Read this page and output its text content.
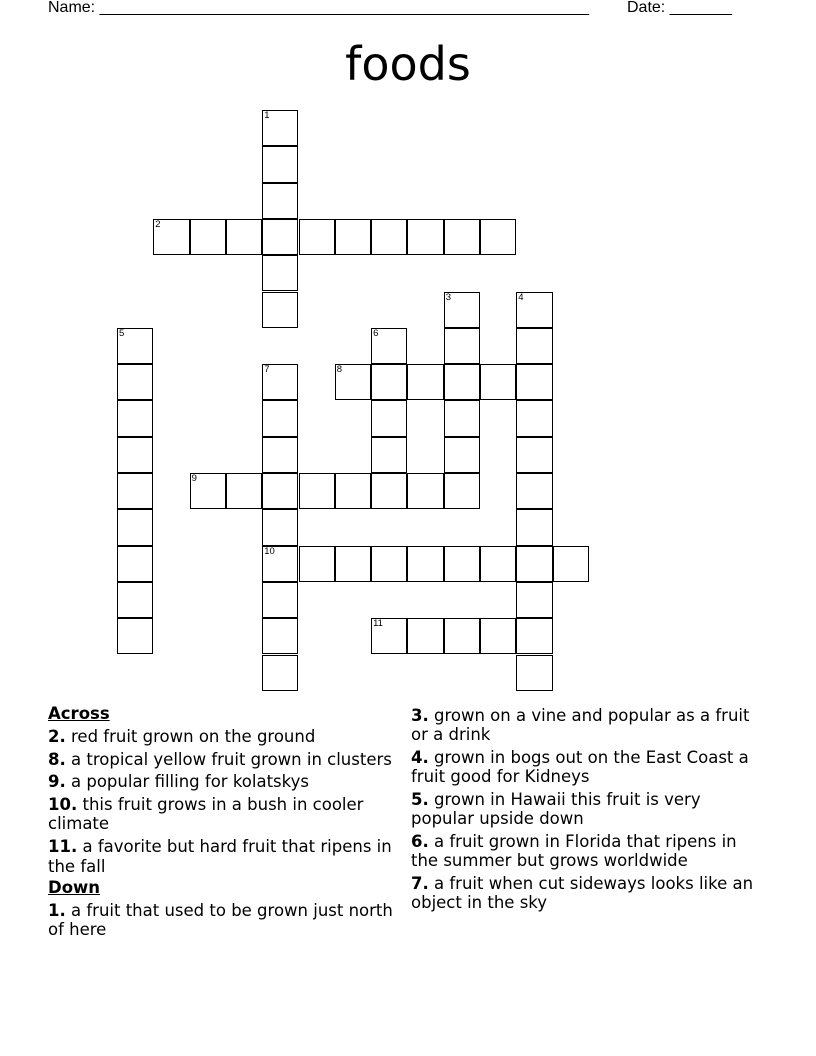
Name: _______________________________________________________ Date: _______
foods
1
2
3	4
5	6
7
10
8
9
11
Across
2. red fruit grown on the ground
8. a tropical yellow fruit grown in clusters
9. a popular filling for kolatskys
10. this fruit grows in a bush in cooler climate
11. a favorite but hard fruit that ripens in the fall
Down
1. a fruit that used to be grown just north of here
3. grown on a vine and popular as a fruit or a drink
4. grown in bogs out on the East Coast a fruit good for Kidneys
5. grown in Hawaii this fruit is very popular upside down
6. a fruit grown in Florida that ripens in the summer but grows worldwide
7. a fruit when cut sideways looks like an object in the sky
